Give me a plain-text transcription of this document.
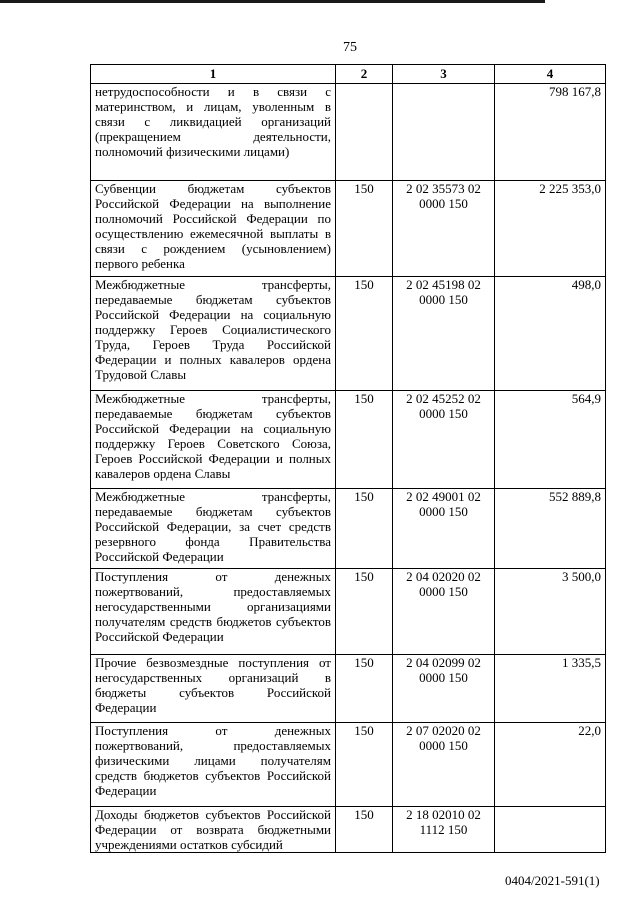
75
1	2	3	4
нетрудоспособности и в связи с материнством, и лицам, уволенным в связи с ликвидацией организаций (прекращением деятельности, полномочий физическими лицами)			798 167,8
Субвенции бюджетам субъектов Российской Федерации на выполнение полномочий Российской Федерации по осуществлению ежемесячной выплаты в связи с рождением (усыновлением) первого ребенка	150	2 02 35573 02 0000 150	2 225 353,0
Межбюджетные трансферты, передаваемые бюджетам субъектов Российской Федерации на социальную поддержку Героев Социалистического Труда, Героев Труда Российской Федерации и полных кавалеров ордена Трудовой Славы	150	2 02 45198 02 0000 150	498,0
Межбюджетные трансферты, передаваемые бюджетам субъектов Российской Федерации на социальную поддержку Героев Советского Союза, Героев Российской Федерации и полных кавалеров ордена Славы	150	2 02 45252 02 0000 150	564,9
Межбюджетные трансферты, передаваемые бюджетам субъектов Российской Федерации, за счет средств резервного фонда Правительства Российской Федерации	150	2 02 49001 02 0000 150	552 889,8
Поступления от денежных пожертвований, предоставляемых негосударственными организациями получателям средств бюджетов субъектов Российской Федерации	150	2 04 02020 02 0000 150	3 500,0
Прочие безвозмездные поступления от негосударственных организаций в бюджеты субъектов Российской Федерации	150	2 04 02099 02 0000 150	1 335,5
Поступления от денежных пожертвований, предоставляемых физическими лицами получателям средств бюджетов субъектов Российской Федерации	150	2 07 02020 02 0000 150	22,0
Доходы бюджетов субъектов Российской Федерации от возврата бюджетными учреждениями остатков субсидий	150	2 18 02010 02 1112 150	
0404/2021-591(1)
